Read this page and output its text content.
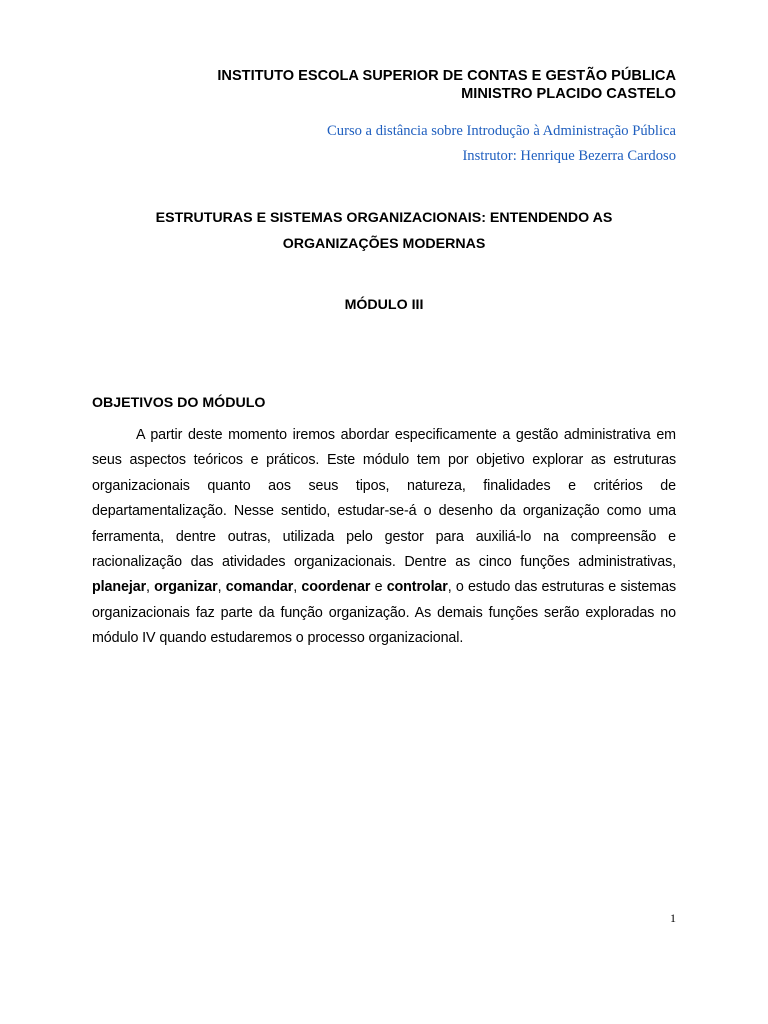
INSTITUTO ESCOLA SUPERIOR DE CONTAS E GESTÃO PÚBLICA
MINISTRO PLACIDO CASTELO
Curso a distância sobre Introdução à Administração Pública
Instrutor: Henrique Bezerra Cardoso
ESTRUTURAS E SISTEMAS ORGANIZACIONAIS: ENTENDENDO AS
ORGANIZAÇÕES MODERNAS
MÓDULO III
OBJETIVOS DO MÓDULO

A partir deste momento iremos abordar especificamente a gestão administrativa em seus aspectos teóricos e práticos. Este módulo tem por objetivo explorar as estruturas organizacionais quanto aos seus tipos, natureza, finalidades e critérios de departamentalização. Nesse sentido, estudar-se-á o desenho da organização como uma ferramenta, dentre outras, utilizada pelo gestor para auxiliá-lo na compreensão e racionalização das atividades organizacionais. Dentre as cinco funções administrativas, planejar, organizar, comandar, coordenar e controlar, o estudo das estruturas e sistemas organizacionais faz parte da função organização. As demais funções serão exploradas no módulo IV quando estudaremos o processo organizacional.

1
